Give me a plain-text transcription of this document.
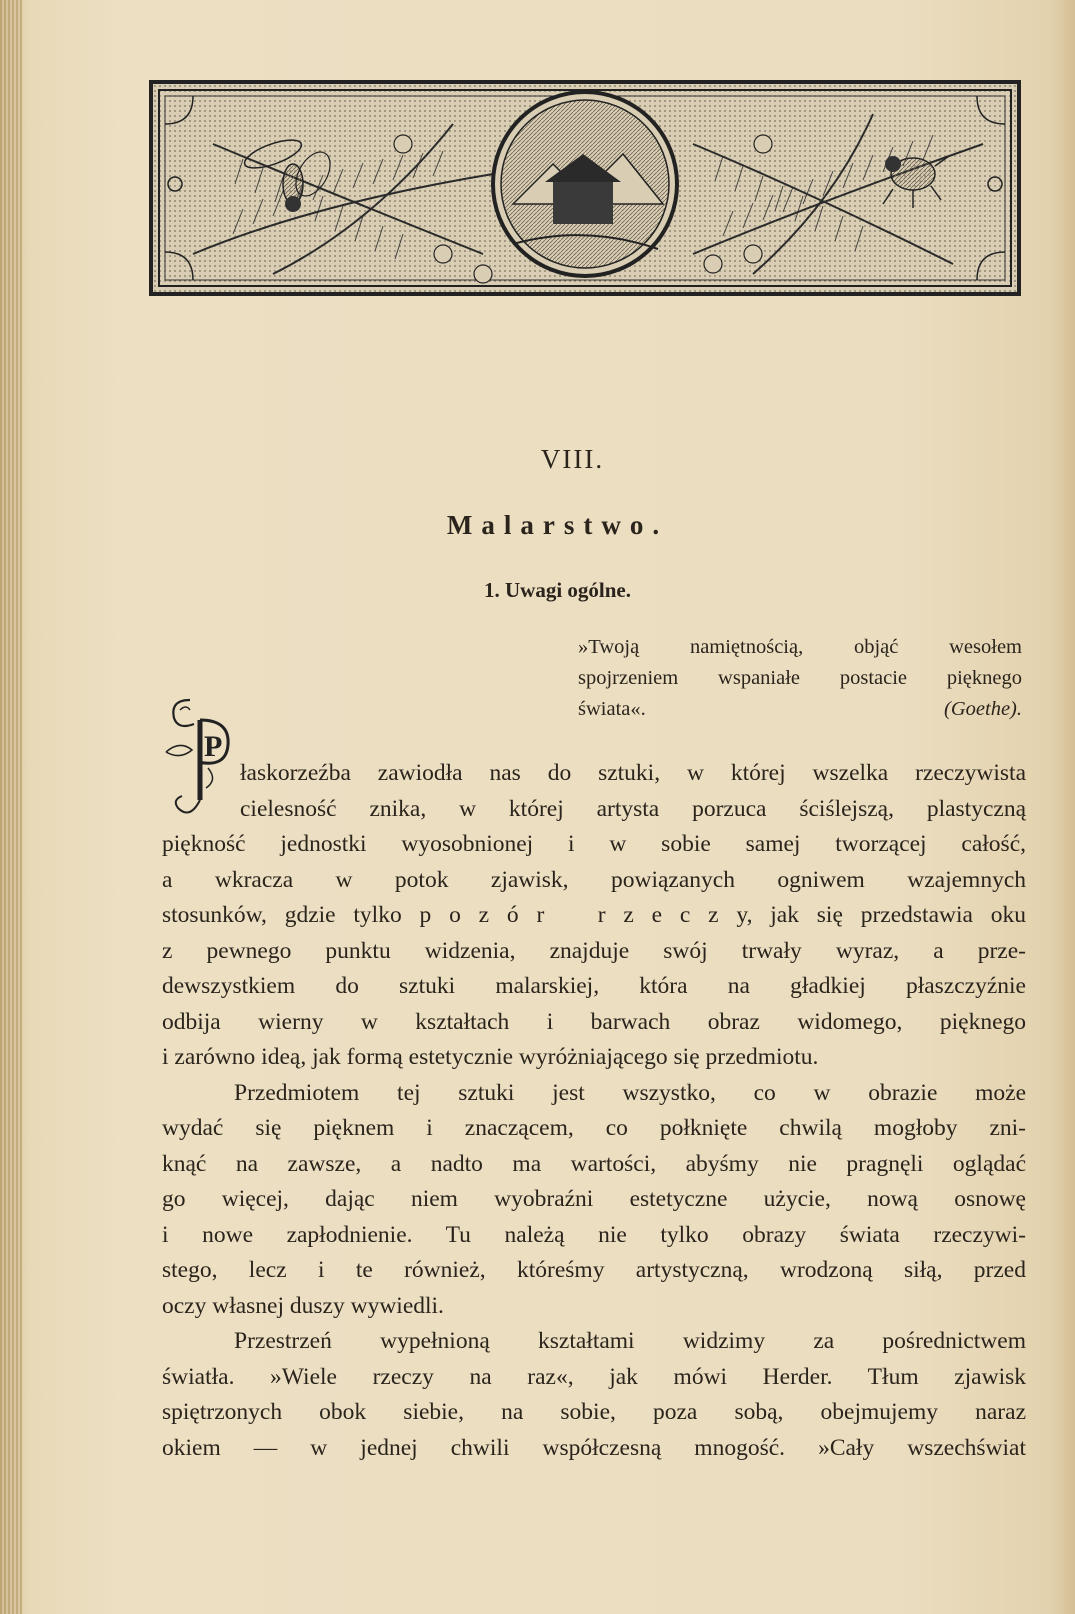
VIII.
Malarstwo.
1. Uwagi ogólne.
»Twoją namiętnością, objąć wesołem
spojrzeniem wspaniałe postacie pięknego
świata«.	(Goethe).
P
łaskorzeźba zawiodła nas do sztuki, w której wszelka rzeczywista
cielesność znika, w której artysta porzuca ściślejszą, plastyczną
piękność jednostki wyosobnionej i w sobie samej tworzącej całość,
a wkracza w potok zjawisk, powiązanych ogniwem wzajemnych
stosunków, gdzie tylko p o z ó r   r z e c z y, jak się przedstawia oku
z pewnego punktu widzenia, znajduje swój trwały wyraz, a prze-
dewszystkiem do sztuki malarskiej, która na gładkiej płaszczyźnie
odbija wierny w kształtach i barwach obraz widomego, pięknego
i zarówno ideą, jak formą estetycznie wyróżniającego się przedmiotu.
Przedmiotem tej sztuki jest wszystko, co w obrazie może
wydać się pięknem i znaczącem, co połknięte chwilą mogłoby zni-
knąć na zawsze, a nadto ma wartości, abyśmy nie pragnęli oglądać
go więcej, dając niem wyobraźni estetyczne użycie, nową osnowę
i nowe zapłodnienie. Tu należą nie tylko obrazy świata rzeczywi-
stego, lecz i te również, któreśmy artystyczną, wrodzoną siłą, przed
oczy własnej duszy wywiedli.
Przestrzeń wypełnioną kształtami widzimy za pośrednictwem
światła. »Wiele rzeczy na raz«, jak mówi Herder. Tłum zjawisk
spiętrzonych obok siebie, na sobie, poza sobą, obejmujemy naraz
okiem — w jednej chwili współczesną mnogość. »Cały wszechświat
